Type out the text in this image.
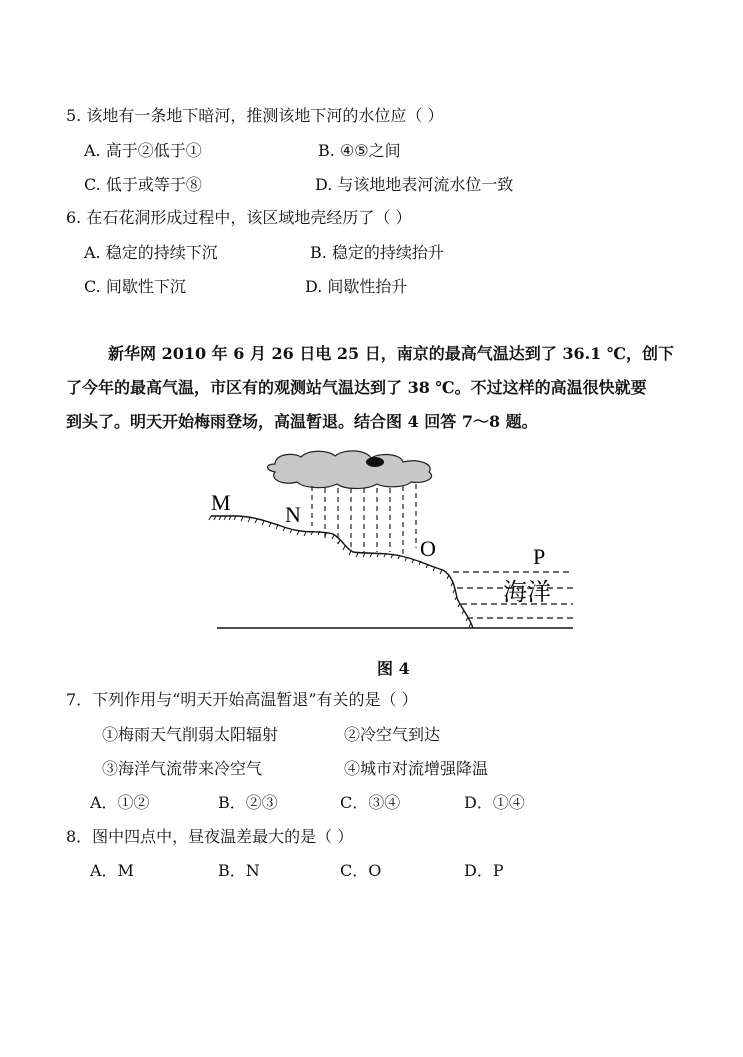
5. 该地有一条地下暗河，推测该地下河的水位应（ ）
A. 高于②低于①	B. ④⑤之间
C. 低于或等于⑧	D. 与该地地表河流水位一致
6. 在石花洞形成过程中，该区域地壳经历了（ ）
A. 稳定的持续下沉	B. 稳定的持续抬升
C. 间歇性下沉	D. 间歇性抬升
新华网 2010 年 6 月 26 日电 25 日，南京的最高气温达到了 36.1 ℃，创下
了今年的最高气温，市区有的观测站气温达到了 38 ℃。不过这样的高温很快就要
到头了。明天开始梅雨登场，高温暂退。结合图 4 回答 7～8 题。
M N
O	P
海洋
图 4
7．下列作用与“明天开始高温暂退”有关的是（ ）
①梅雨天气削弱太阳辐射	②冷空气到达
③海洋气流带来冷空气	④城市对流增强降温
A．①②	B．②③	C．③④	D．①④
8．图中四点中，昼夜温差最大的是（ ）
A．M	B．N	C．O	D．P
